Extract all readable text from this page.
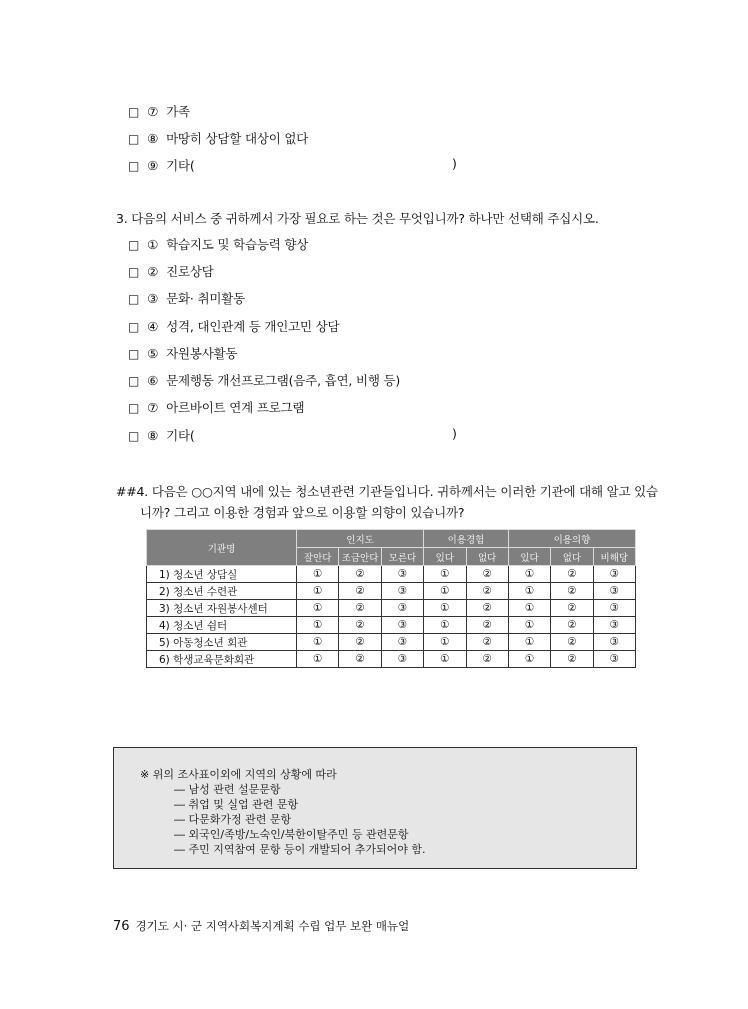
□ ⑦ 가족
□ ⑧ 마땅히 상담할 대상이 없다
□ ⑨ 기타(	)
3. 다음의 서비스 중 귀하께서 가장 필요로 하는 것은 무엇입니까? 하나만 선택해 주십시오.
□ ① 학습지도 및 학습능력 향상
□ ② 진로상담
□ ③ 문화· 취미활동
□ ④ 성격, 대인관계 등 개인고민 상담
□ ⑤ 자원봉사활동
□ ⑥ 문제행동 개선프로그램(음주, 흡연, 비행 등)
□ ⑦ 아르바이트 연계 프로그램
□ ⑧ 기타(	)
##4. 다음은 ○○지역 내에 있는 청소년관련 기관들입니다. 귀하께서는 이러한 기관에 대해 알고 있습
니까? 그리고 이용한 경험과 앞으로 이용할 의향이 있습니까?
기관명	인지도			이용경험		이용의향		
	잘안다	조금안다	모른다	있다	없다	있다	없다	비해당
1) 청소년 상담실	①	②	③	①	②	①	②	③
2) 청소년 수련관	①	②	③	①	②	①	②	③
3) 청소년 자원봉사센터	①	②	③	①	②	①	②	③
4) 청소년 쉼터	①	②	③	①	②	①	②	③
5) 아동청소년 회관	①	②	③	①	②	①	②	③
6) 학생교육문화회관	①	②	③	①	②	①	②	③
※ 위의 조사표이외에 지역의 상황에 따라
― 남성 관련 설문문항
― 취업 및 실업 관련 문항
― 다문화가정 관련 문항
― 외국인/족방/노숙인/북한이탈주민 등 관련문항
― 주민 지역참여 문항 등이 개발되어 추가되어야 함.
76 경기도 시· 군 지역사회복지계획 수립 업무 보완 매뉴얼
